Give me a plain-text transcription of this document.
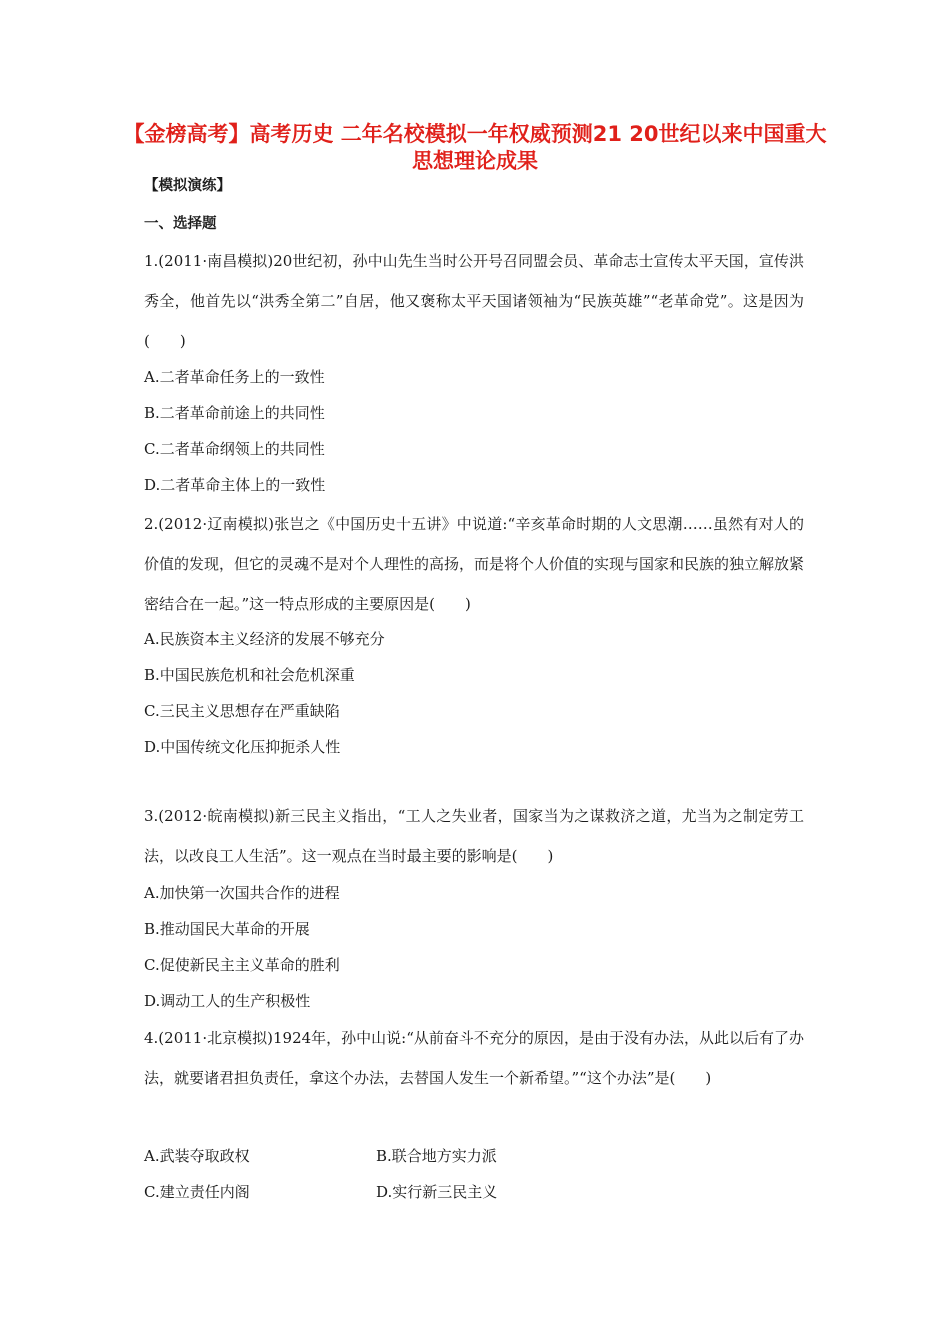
【金榜高考】高考历史 二年名校模拟一年权威预测21 20世纪以来中国重大思想理论成果
【模拟演练】
一、选择题
1.(2011·南昌模拟)20世纪初，孙中山先生当时公开号召同盟会员、革命志士宣传太平天国，宣传洪秀全，他首先以“洪秀全第二”自居，他又褒称太平天国诸领袖为“民族英雄”“老革命党”。这是因为(　　)
A.二者革命任务上的一致性
B.二者革命前途上的共同性
C.二者革命纲领上的共同性
D.二者革命主体上的一致性
2.(2012·辽南模拟)张岂之《中国历史十五讲》中说道:“辛亥革命时期的人文思潮……虽然有对人的价值的发现，但它的灵魂不是对个人理性的高扬，而是将个人价值的实现与国家和民族的独立解放紧密结合在一起。”这一特点形成的主要原因是(　　)
A.民族资本主义经济的发展不够充分
B.中国民族危机和社会危机深重
C.三民主义思想存在严重缺陷
D.中国传统文化压抑扼杀人性
3.(2012·皖南模拟)新三民主义指出，“工人之失业者，国家当为之谋救济之道，尤当为之制定劳工法，以改良工人生活”。这一观点在当时最主要的影响是(　　)
A.加快第一次国共合作的进程
B.推动国民大革命的开展
C.促使新民主主义革命的胜利
D.调动工人的生产积极性
4.(2011·北京模拟)1924年，孙中山说:“从前奋斗不充分的原因，是由于没有办法，从此以后有了办法，就要诸君担负责任，拿这个办法，去替国人发生一个新希望。”“这个办法”是(　　)
A.武装夺取政权	B.联合地方实力派
C.建立责任内阁	D.实行新三民主义
